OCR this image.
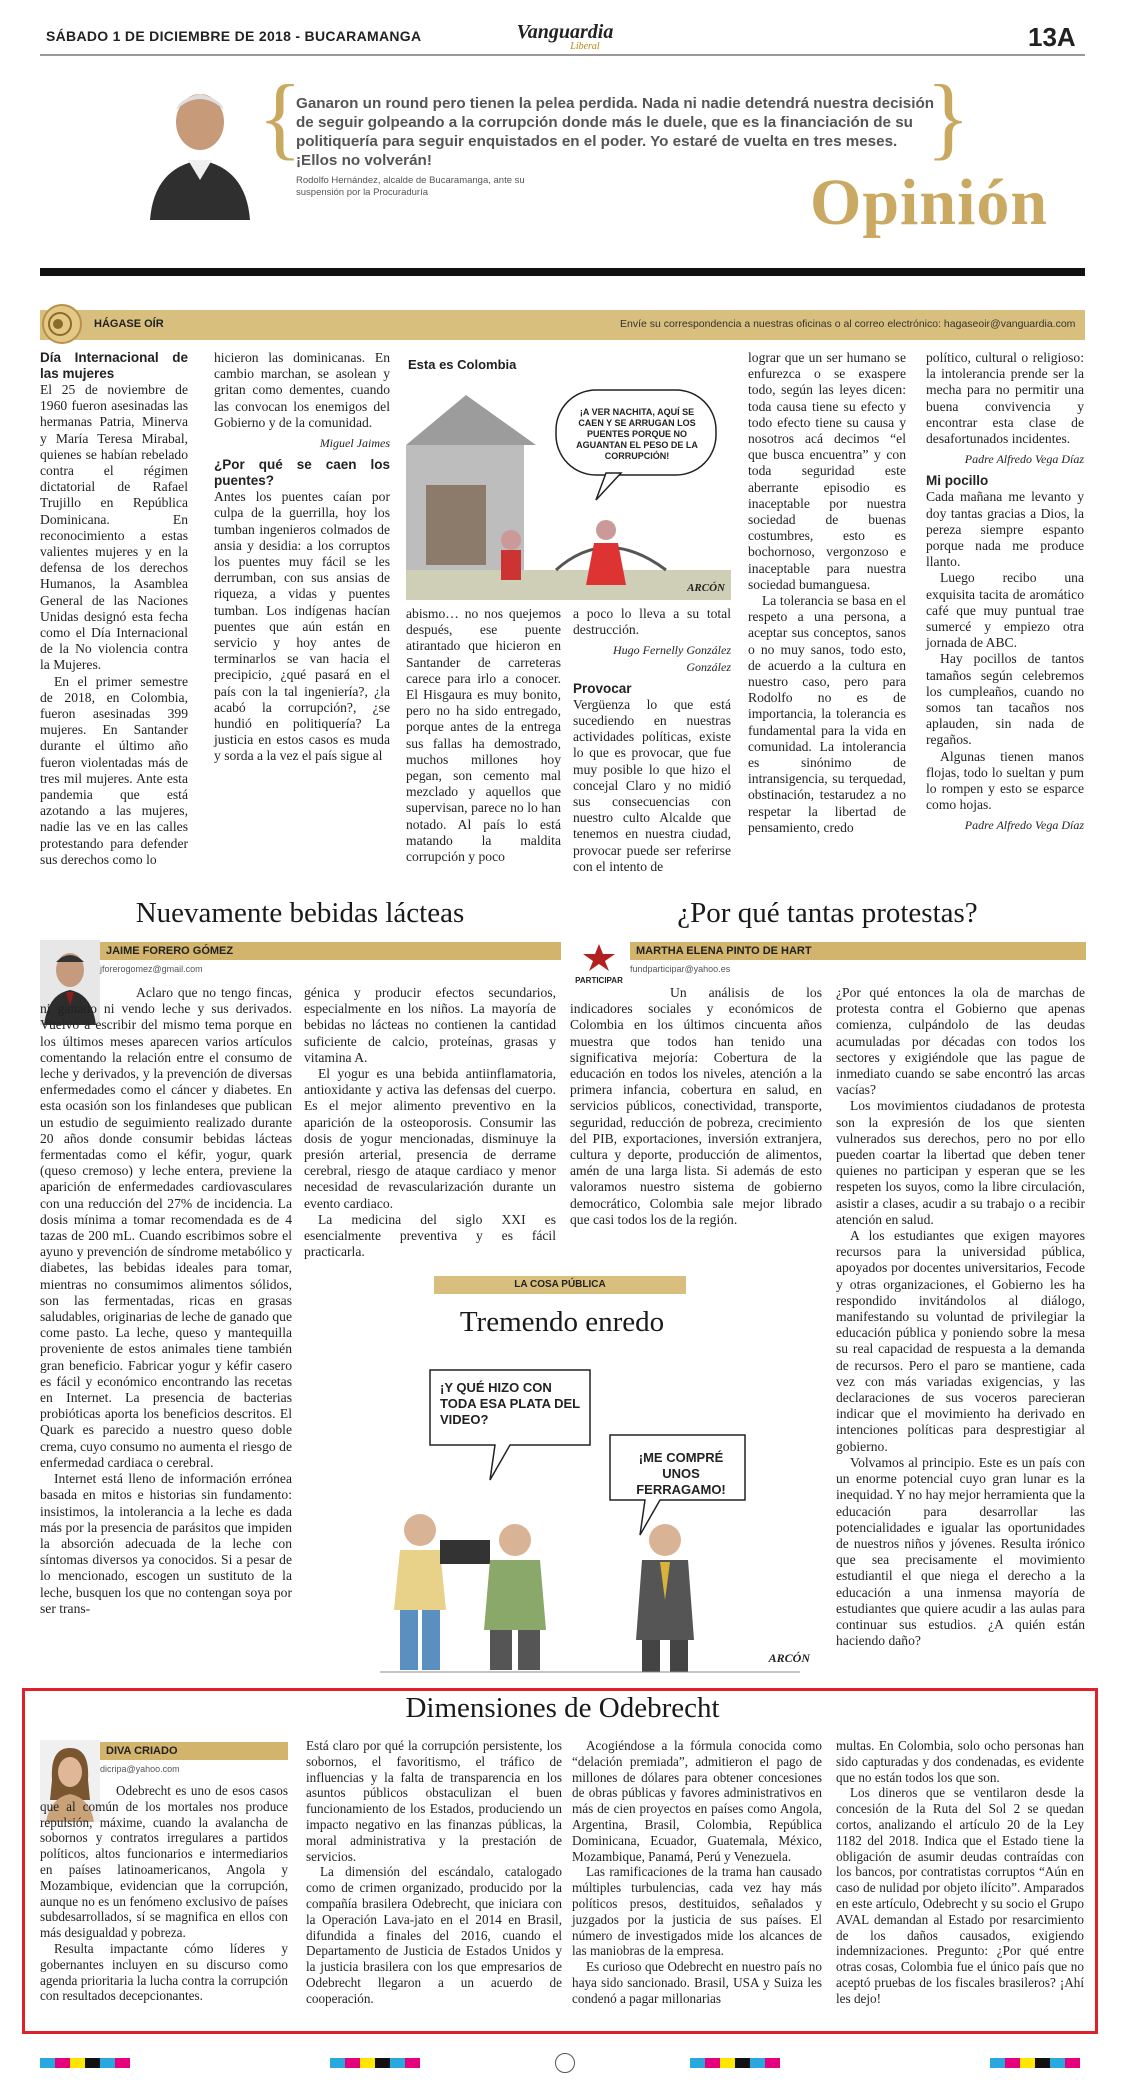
SÁBADO 1 DE DICIEMBRE DE 2018 - BUCARAMANGA	Vanguardia
Liberal	13A
{
Ganaron un round pero tienen la pelea perdida. Nada ni nadie detendrá nuestra decisión de seguir golpeando a la corrupción donde más le duele, que es la financiación de su politiquería para seguir enquistados en el poder. Yo estaré de vuelta en tres meses. ¡Ellos no volverán!	}
Rodolfo Hernández, alcalde de Bucaramanga, ante su suspensión por la Procuraduría	Opinión
HÁGASE OÍR	Envíe su correspondencia a nuestras oficinas o al correo electrónico: hagaseoir@vanguardia.com
Día Internacional de las mujeres

El 25 de noviembre de 1960 fueron asesinadas las hermanas Patria, Minerva y María Teresa Mirabal, quienes se habían rebelado contra el régimen dictatorial de Rafael Trujillo en República Dominicana. En reconocimiento a estas valientes mujeres y en la defensa de los derechos Humanos, la Asamblea General de las Naciones Unidas designó esta fecha como el Día Internacional de la No violencia contra la Mujeres.

En el primer semestre de 2018, en Colombia, fueron asesinadas 399 mujeres. En Santander durante el último año fueron violentadas más de tres mil mujeres. Ante esta pandemia que está azotando a las mujeres, nadie las ve en las calles protestando para defender sus derechos como lo

hicieron las dominicanas. En cambio marchan, se asolean y gritan como dementes, cuando las convocan los enemigos del Gobierno y de la comunidad.

Miguel Jaimes
¿Por qué se caen los puentes?

Antes los puentes caían por culpa de la guerrilla, hoy los tumban ingenieros colmados de ansia y desidia: a los corruptos los puentes muy fácil se les derrumban, con sus ansias de riqueza, a vidas y puentes tumban. Los indígenas hacían puentes que aún están en servicio y hoy antes de terminarlos se van hacia el precipicio, ¿qué pasará en el país con la tal ingeniería?, ¿la acabó la corrupción?, ¿se hundió en politiquería? La justicia en estos casos es muda y sorda a la vez el país sigue al

Esta es Colombia
¡A VER NACHITA, AQUÍ SE CAEN Y SE ARRUGAN LOS PUENTES PORQUE NO AGUANTAN EL PESO DE LA CORRUPCIÓN!
ARCÓN

abismo… no nos quejemos después, ese puente atirantado que hicieron en Santander de carreteras carece para irlo a conocer. El Hisgaura es muy bonito, pero no ha sido entregado, porque antes de la entrega sus fallas ha demostrado, muchos millones hoy pegan, son cemento mal mezclado y aquellos que supervisan, parece no lo han notado. Al país lo está matando la maldita corrupción y poco

a poco lo lleva a su total destrucción.

Hugo Fernelly González González
Provocar

Vergüenza lo que está sucediendo en nuestras actividades políticas, existe lo que es provocar, que fue muy posible lo que hizo el concejal Claro y no midió sus consecuencias con nuestro culto Alcalde que tenemos en nuestra ciudad, provocar puede ser referirse con el intento de

lograr que un ser humano se enfurezca o se exaspere todo, según las leyes dicen: toda causa tiene su efecto y todo efecto tiene su causa y nosotros acá decimos “el que busca encuentra” y con toda seguridad este aberrante episodio es inaceptable por nuestra sociedad de buenas costumbres, esto es bochornoso, vergonzoso e inaceptable para nuestra sociedad bumanguesa.

La tolerancia se basa en el respeto a una persona, a aceptar sus conceptos, sanos o no muy sanos, todo esto, de acuerdo a la cultura en nuestro caso, pero para Rodolfo no es de importancia, la tolerancia es fundamental para la vida en comunidad. La intolerancia es sinónimo de intransigencia, su terquedad, obstinación, testarudez a no respetar la libertad de pensamiento, credo

político, cultural o religioso: la intolerancia prende ser la mecha para no permitir una buena convivencia y encontrar esta clase de desafortunados incidentes.

Padre Alfredo Vega Díaz
Mi pocillo

Cada mañana me levanto y doy tantas gracias a Dios, la pereza siempre espanto porque nada me produce llanto.

Luego recibo una exquisita tacita de aromático café que muy puntual trae sumercé y empiezo otra jornada de ABC.

Hay pocillos de tantos tamaños según celebremos los cumpleaños, cuando no somos tan tacaños nos aplauden, sin nada de regaños.

Algunas tienen manos flojas, todo lo sueltan y pum lo rompen y esto se esparce como hojas.

Padre Alfredo Vega Díaz
Nuevamente bebidas lácteas
JAIME FORERO GÓMEZ
jforerogomez@gmail.com

Aclaro que no tengo fincas, ni ganado ni vendo leche y sus derivados. Vuelvo a escribir del mismo tema porque en los últimos meses aparecen varios artículos comentando la relación entre el consumo de leche y derivados, y la prevención de diversas enfermedades como el cáncer y diabetes. En esta ocasión son los finlandeses que publican un estudio de seguimiento realizado durante 20 años donde consumir bebidas lácteas fermentadas como el kéfir, yogur, quark (queso cremoso) y leche entera, previene la aparición de enfermedades cardiovasculares con una reducción del 27% de incidencia. La dosis mínima a tomar recomendada es de 4 tazas de 200 mL. Cuando escribimos sobre el ayuno y prevención de síndrome metabólico y diabetes, las bebidas ideales para tomar, mientras no consumimos alimentos sólidos, son las fermentadas, ricas en grasas saludables, originarias de leche de ganado que come pasto. La leche, queso y mantequilla proveniente de estos animales tiene también gran beneficio. Fabricar yogur y kéfir casero es fácil y económico encontrando las recetas en Internet. La presencia de bacterias probióticas aporta los beneficios descritos. El Quark es parecido a nuestro queso doble crema, cuyo consumo no aumenta el riesgo de enfermedad cardiaca o cerebral.

Internet está lleno de información errónea basada en mitos e historias sin fundamento: insistimos, la intolerancia a la leche es dada más por la presencia de parásitos que impiden la absorción adecuada de la leche con síntomas diversos ya conocidos. Si a pesar de lo mencionado, escogen un sustituto de la leche, busquen los que no contengan soya por ser trans-

génica y producir efectos secundarios, especialmente en los niños. La mayoría de bebidas no lácteas no contienen la cantidad suficiente de calcio, proteínas, grasas y vitamina A.

El yogur es una bebida antiinflamatoria, antioxidante y activa las defensas del cuerpo. Es el mejor alimento preventivo en la aparición de la osteoporosis. Consumir las dosis de yogur mencionadas, disminuye la presión arterial, presencia de derrame cerebral, riesgo de ataque cardiaco y menor necesidad de revascularización durante un evento cardiaco.

La medicina del siglo XXI es esencialmente preventiva y es fácil practicarla.

¿Por qué tantas protestas?
PARTICIPAR
MARTHA ELENA PINTO DE HART
fundparticipar@yahoo.es

Un análisis de los indicadores sociales y económicos de Colombia en los últimos cincuenta años muestra que todos han tenido una significativa mejoría: Cobertura de la educación en todos los niveles, atención a la primera infancia, cobertura en salud, en servicios públicos, conectividad, transporte, seguridad, reducción de pobreza, crecimiento del PIB, exportaciones, inversión extranjera, cultura y deporte, producción de alimentos, amén de una larga lista. Si además de esto valoramos nuestro sistema de gobierno democrático, Colombia sale mejor librado que casi todos los de la región.

¿Por qué entonces la ola de marchas de protesta contra el Gobierno que apenas comienza, culpándolo de las deudas acumuladas por décadas con todos los sectores y exigiéndole que las pague de inmediato cuando se sabe encontró las arcas vacías?

Los movimientos ciudadanos de protesta son la expresión de los que sienten vulnerados sus derechos, pero no por ello pueden coartar la libertad que deben tener quienes no participan y esperan que se les respeten los suyos, como la libre circulación, asistir a clases, acudir a su trabajo o a recibir atención en salud.

A los estudiantes que exigen mayores recursos para la universidad pública, apoyados por docentes universitarios, Fecode y otras organizaciones, el Gobierno les ha respondido invitándolos al diálogo, manifestando su voluntad de privilegiar la educación pública y poniendo sobre la mesa su real capacidad de respuesta a la demanda de recursos. Pero el paro se mantiene, cada vez con más variadas exigencias, y las declaraciones de sus voceros parecieran indicar que el movimiento ha derivado en intenciones políticas para desprestigiar al gobierno.

Volvamos al principio. Este es un país con un enorme potencial cuyo gran lunar es la inequidad. Y no hay mejor herramienta que la educación para desarrollar las potencialidades e igualar las oportunidades de nuestros niños y jóvenes. Resulta irónico que sea precisamente el movimiento estudiantil el que niega el derecho a la educación a una inmensa mayoría de estudiantes que quiere acudir a las aulas para continuar sus estudios. ¿A quién están haciendo daño?

LA COSA PÚBLICA
Tremendo enredo
¡Y QUÉ HIZO CON TODA ESA PLATA DEL VIDEO?
¡ME COMPRÉ UNOS FERRAGAMO!
ARCÓN
Dimensiones de Odebrecht
DIVA CRIADO
dicripa@yahoo.com

Odebrecht es uno de esos casos que al común de los mortales nos produce repulsión, máxime, cuando la avalancha de sobornos y contratos irregulares a partidos políticos, altos funcionarios e intermediarios en países latinoamericanos, Angola y Mozambique, evidencian que la corrupción, aunque no es un fenómeno exclusivo de países subdesarrollados, sí se magnifica en ellos con más desigualdad y pobreza.

Resulta impactante cómo líderes y gobernantes incluyen en su discurso como agenda prioritaria la lucha contra la corrupción con resultados decepcionantes.

Está claro por qué la corrupción persistente, los sobornos, el favoritismo, el tráfico de influencias y la falta de transparencia en los asuntos públicos obstaculizan el buen funcionamiento de los Estados, produciendo un impacto negativo en las finanzas públicas, la moral administrativa y la prestación de servicios.

La dimensión del escándalo, catalogado como de crimen organizado, producido por la compañía brasilera Odebrecht, que iniciara con la Operación Lava-jato en el 2014 en Brasil, difundida a finales del 2016, cuando el Departamento de Justicia de Estados Unidos y la justicia brasilera con los que empresarios de Odebrecht llegaron a un acuerdo de cooperación.

Acogiéndose a la fórmula conocida como “delación premiada”, admitieron el pago de millones de dólares para obtener concesiones de obras públicas y favores administrativos en más de cien proyectos en países como Angola, Argentina, Brasil, Colombia, República Dominicana, Ecuador, Guatemala, México, Mozambique, Panamá, Perú y Venezuela.

Las ramificaciones de la trama han causado múltiples turbulencias, cada vez hay más políticos presos, destituidos, señalados y juzgados por la justicia de sus países. El número de investigados mide los alcances de las maniobras de la empresa.

Es curioso que Odebrecht en nuestro país no haya sido sancionado. Brasil, USA y Suiza les condenó a pagar millonarias

multas. En Colombia, solo ocho personas han sido capturadas y dos condenadas, es evidente que no están todos los que son.

Los dineros que se ventilaron desde la concesión de la Ruta del Sol 2 se quedan cortos, analizando el artículo 20 de la Ley 1182 del 2018. Indica que el Estado tiene la obligación de asumir deudas contraídas con los bancos, por contratistas corruptos “Aún en caso de nulidad por objeto ilícito”. Amparados en este artículo, Odebrecht y su socio el Grupo AVAL demandan al Estado por resarcimiento de los daños causados, exigiendo indemnizaciones. Pregunto: ¿Por qué entre otras cosas, Colombia fue el único país que no aceptó pruebas de los fiscales brasileros? ¡Ahí les dejo!
